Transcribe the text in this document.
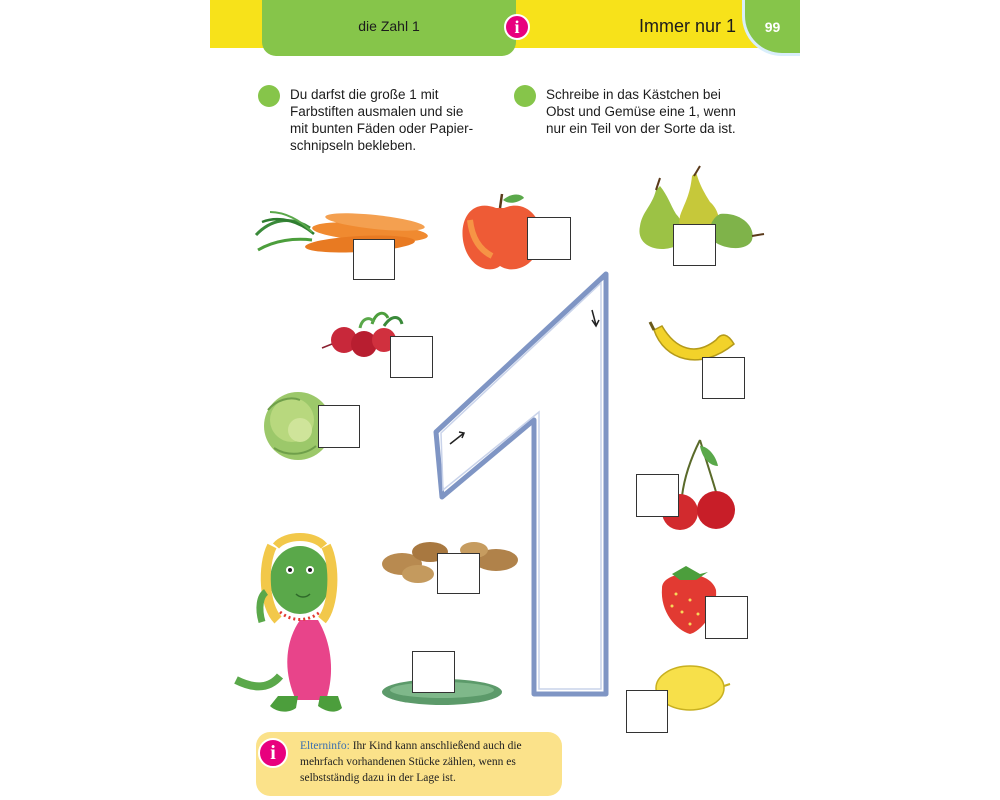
die Zahl 1	i	Immer nur 1	99
Du darfst die große 1 mit
Farbstiften ausmalen und sie
mit bunten Fäden oder Papier-
schnipseln bekleben.
Schreibe in das Kästchen bei
Obst und Gemüse eine 1, wenn
nur ein Teil von der Sorte da ist.
i	Elterninfo: Ihr Kind kann anschließend auch die
mehrfach vorhandenen Stücke zählen, wenn es
selbstständig dazu in der Lage ist.
